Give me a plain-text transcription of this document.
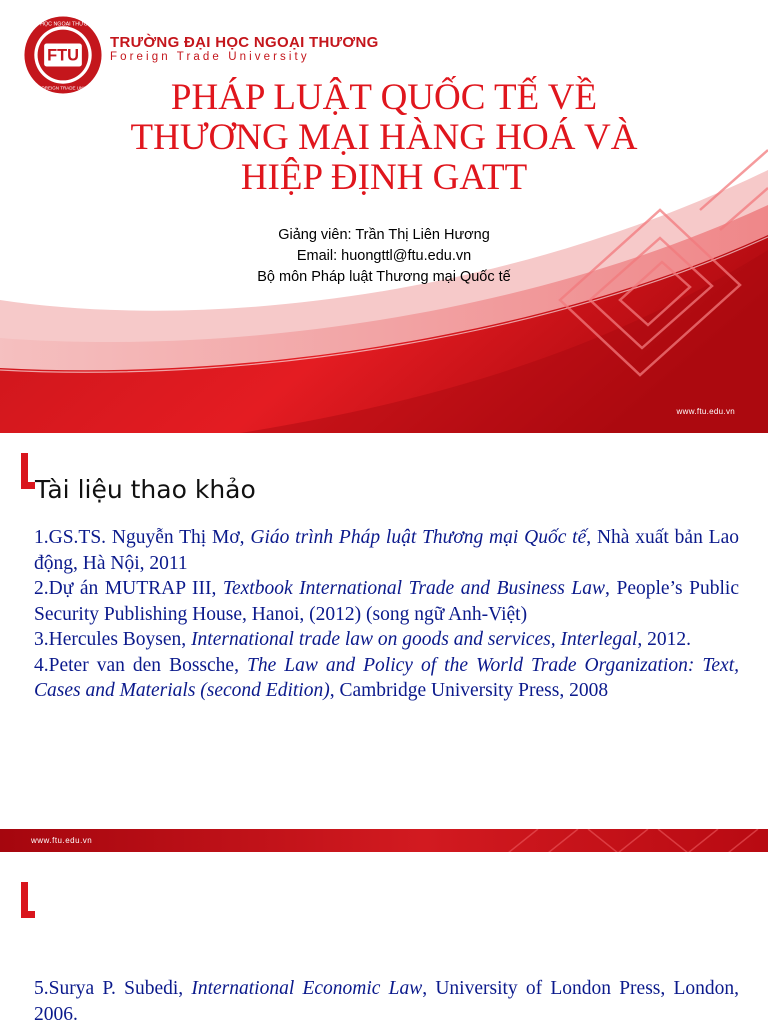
FTU
ĐẠI HỌC NGOẠI THƯƠNG
FOREIGN TRADE UNIV
TRƯỜNG ĐẠI HỌC NGOẠI THƯƠNG
Foreign Trade University
PHÁP LUẬT QUỐC TẾ VỀ
THƯƠNG MẠI HÀNG HOÁ VÀ
HIỆP ĐỊNH GATT
Giảng viên: Trần Thị Liên Hương
Email: huongttl@ftu.edu.vn
Bộ môn Pháp luật Thương mại Quốc tế
www.ftu.edu.vn
Tài liệu thao khảo

1.GS.TS. Nguyễn Thị Mơ, Giáo trình Pháp luật Thương mại Quốc tế, Nhà xuất bản Lao động, Hà Nội, 2011

2.Dự án MUTRAP III, Textbook International Trade and Business Law, People’s Public Security Publishing House, Hanoi, (2012) (song ngữ Anh-Việt)

3.Hercules Boysen, International trade law on goods and services, Interlegal, 2012.

4.Peter van den Bossche, The Law and Policy of the World Trade Organization: Text, Cases and Materials (second Edition), Cambridge University Press, 2008

www.ftu.edu.vn

5.Surya P. Subedi, International Economic Law, University of London Press, London, 2006.
